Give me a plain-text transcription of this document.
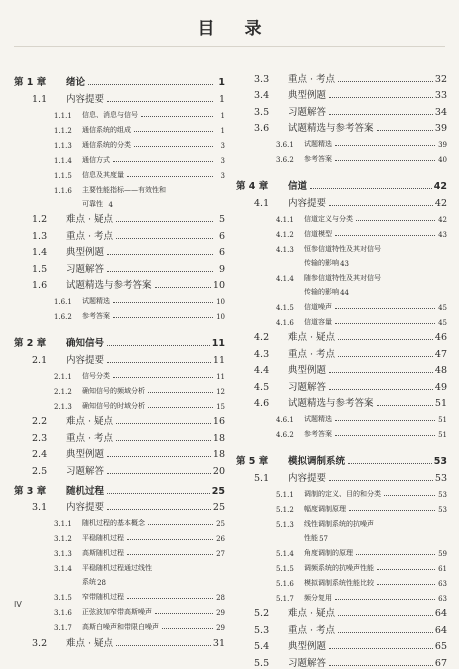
目 录
第 1 章	绪论	1
1.1	内容提要	1
1.1.1	信息、消息与信号	1
1.1.2	通信系统的组成	1
1.1.3	通信系统的分类	3
1.1.4	通信方式	3
1.1.5	信息及其度量	3
1.1.6	主要性能指标——有效性和
可靠性 4
1.2	难点 · 疑点	5
1.3	重点 · 考点	6
1.4	典型例题	6
1.5	习题解答	9
1.6	试题精选与参考答案	10
1.6.1	试题精选	10
1.6.2	参考答案	10
第 2 章	确知信号	11
2.1	内容提要	11
2.1.1	信号分类	11
2.1.2	确知信号的频域分析	12
2.1.3	确知信号的时域分析	15
2.2	难点 · 疑点	16
2.3	重点 · 考点	18
2.4	典型例题	18
2.5	习题解答	20
第 3 章	随机过程	25
3.1	内容提要	25
3.1.1	随机过程的基本概念	25
3.1.2	平稳随机过程	26
3.1.3	高斯随机过程	27
3.1.4	平稳随机过程通过线性
系统 28
3.1.5	窄带随机过程	28
3.1.6	正弦波加窄带高斯噪声	29
3.1.7	高斯白噪声和带限白噪声	29
3.2	难点 · 疑点	31
3.3	重点 · 考点	32
3.4	典型例题	33
3.5	习题解答	34
3.6	试题精选与参考答案	39
3.6.1	试题精选	39
3.6.2	参考答案	40
第 4 章	信道	42
4.1	内容提要	42
4.1.1	信道定义与分类	42
4.1.2	信道模型	43
4.1.3	恒参信道特性及其对信号
传输的影响 43
4.1.4	随参信道特性及其对信号
传输的影响 44
4.1.5	信道噪声	45
4.1.6	信道容量	45
4.2	难点 · 疑点	46
4.3	重点 · 考点	47
4.4	典型例题	48
4.5	习题解答	49
4.6	试题精选与参考答案	51
4.6.1	试题精选	51
4.6.2	参考答案	51
第 5 章	模拟调制系统	53
5.1	内容提要	53
5.1.1	调制的定义、目的和分类	53
5.1.2	幅度调制原理	53
5.1.3	线性调制系统的抗噪声
性能 57
5.1.4	角度调制的原理	59
5.1.5	调频系统的抗噪声性能	61
5.1.6	模拟调制系统性能比较	63
5.1.7	频分复用	63
5.2	难点 · 疑点	64
5.3	重点 · 考点	64
5.4	典型例题	65
5.5	习题解答	67
IV
